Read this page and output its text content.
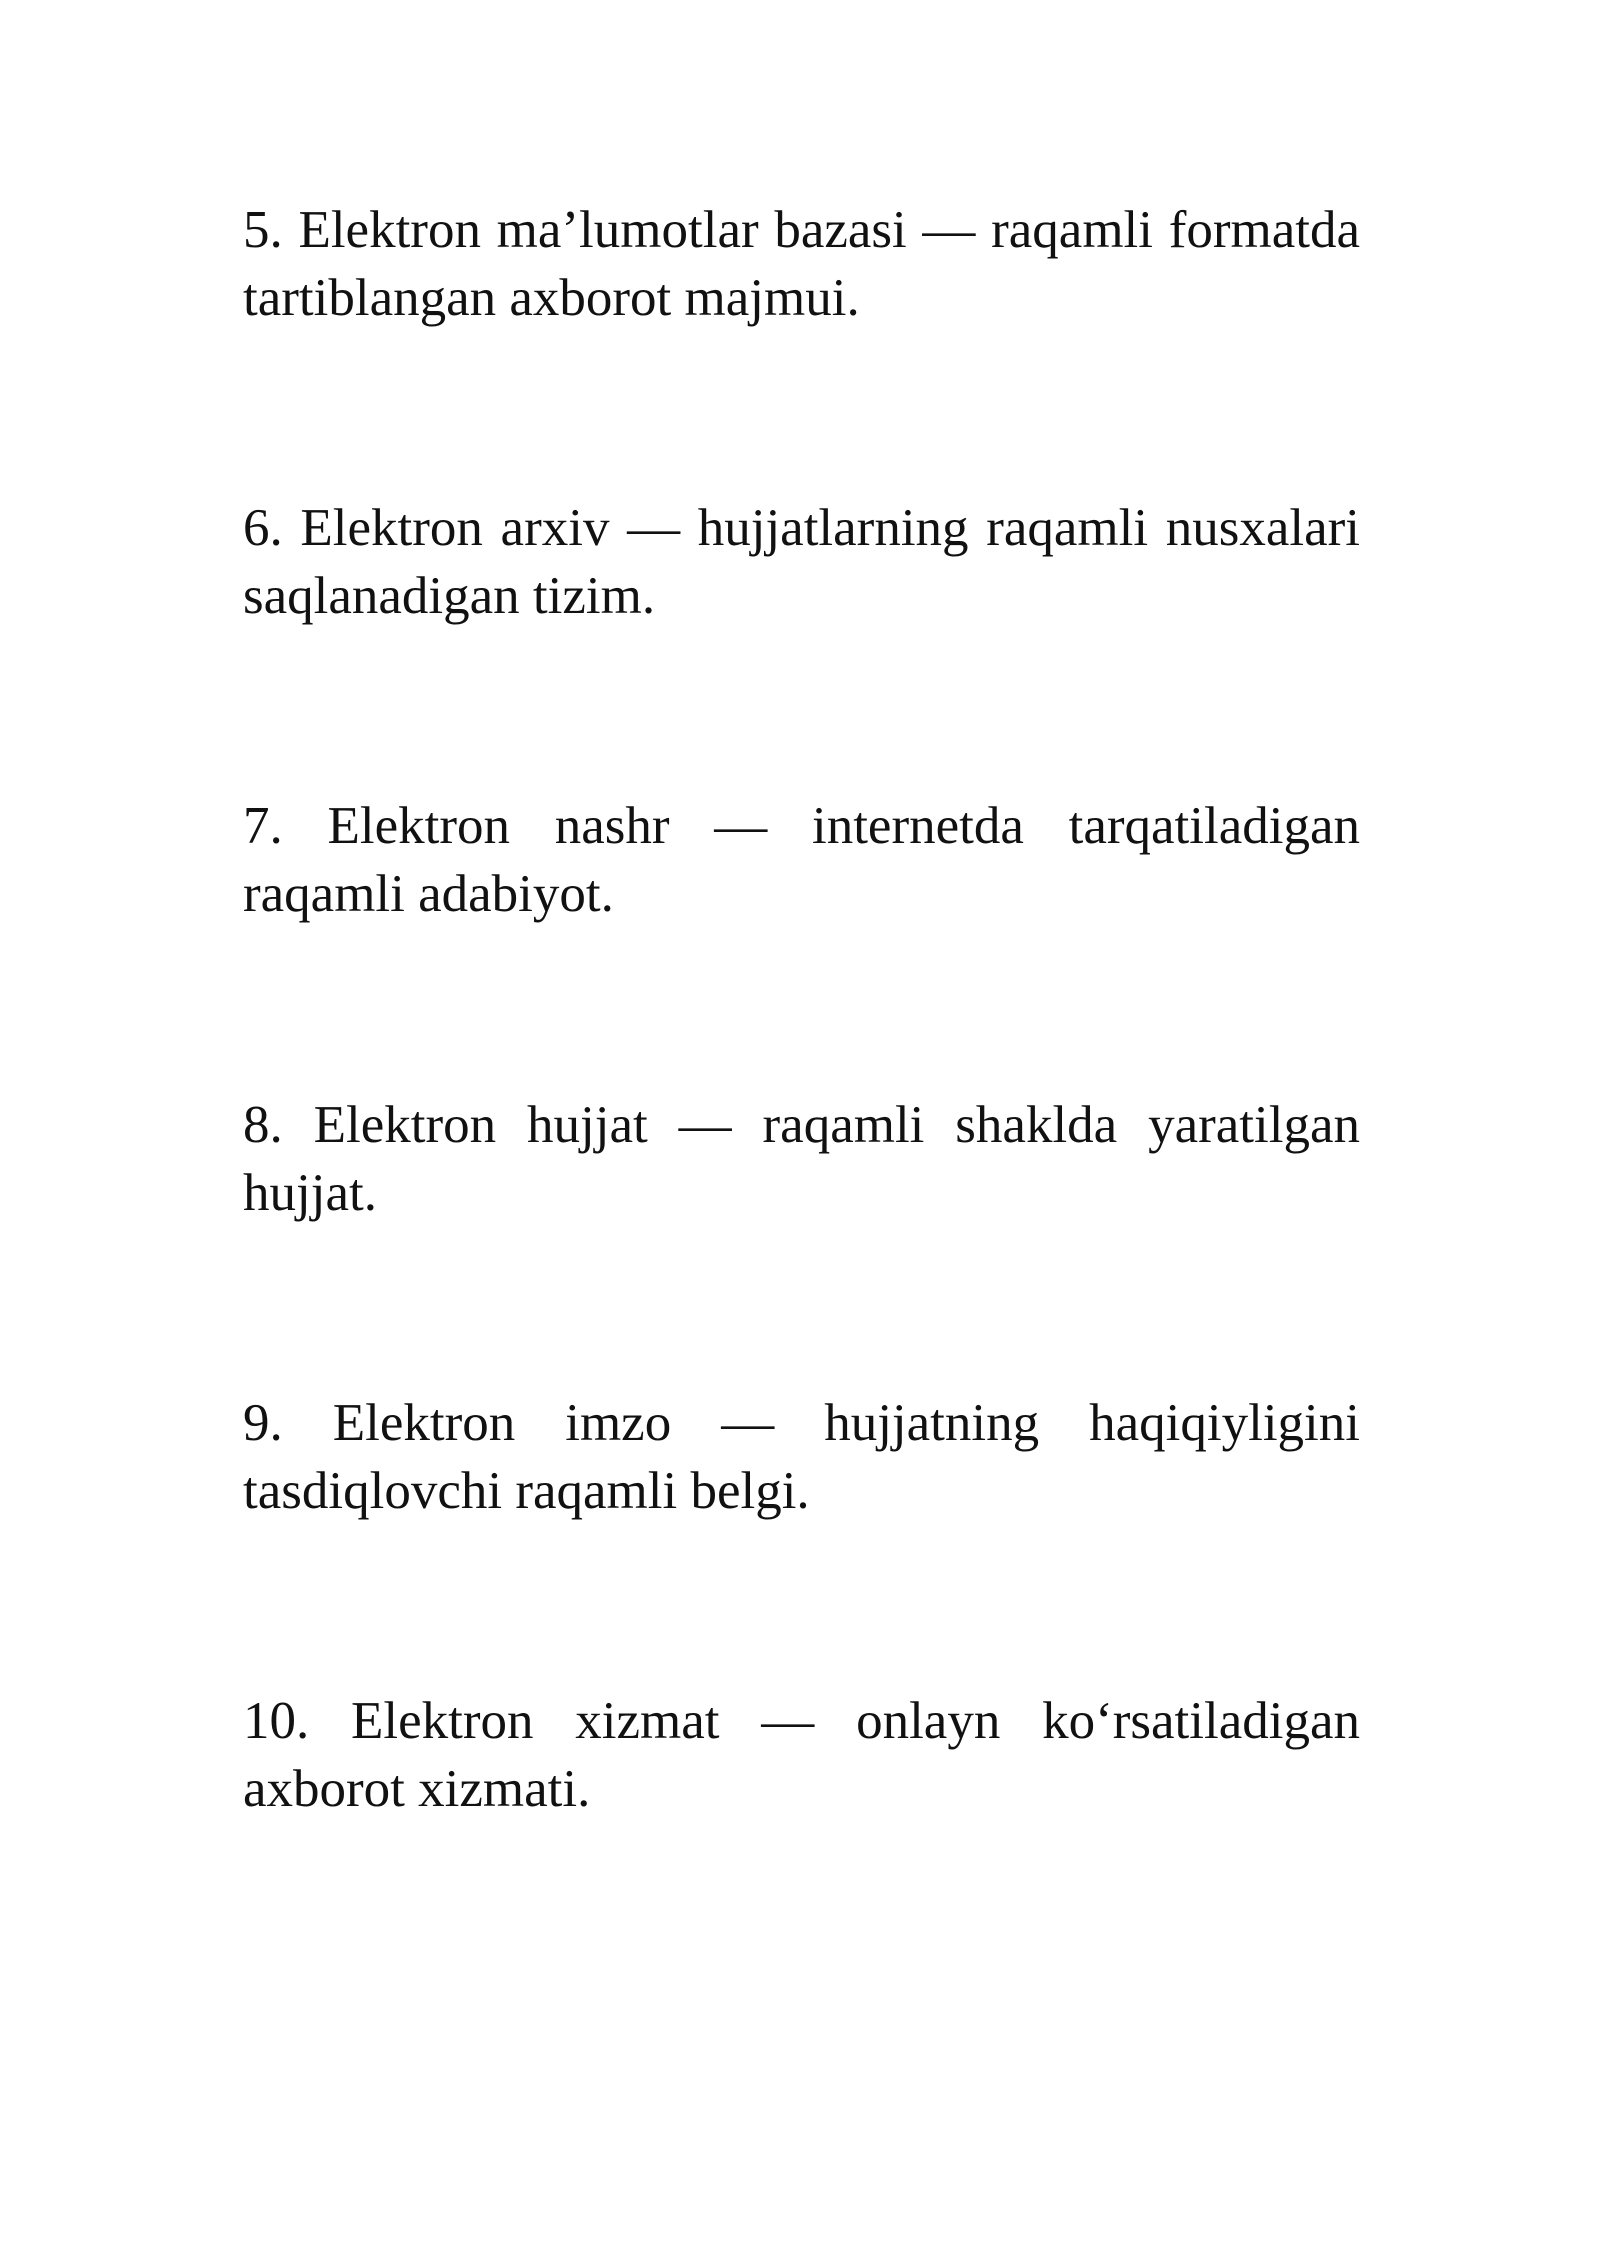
5. Elektron ma’lumotlar bazasi — raqamli formatda tartiblangan axborot majmui.

6. Elektron arxiv — hujjatlarning raqamli nusxalari saqlanadigan tizim.

7. Elektron nashr — internetda tarqatiladigan raqamli adabiyot.

8. Elektron hujjat — raqamli shaklda yaratilgan hujjat.

9. Elektron imzo — hujjatning haqiqiyligini tasdiqlovchi raqamli belgi.

10. Elektron xizmat — onlayn ko‘rsatiladigan axborot xizmati.
